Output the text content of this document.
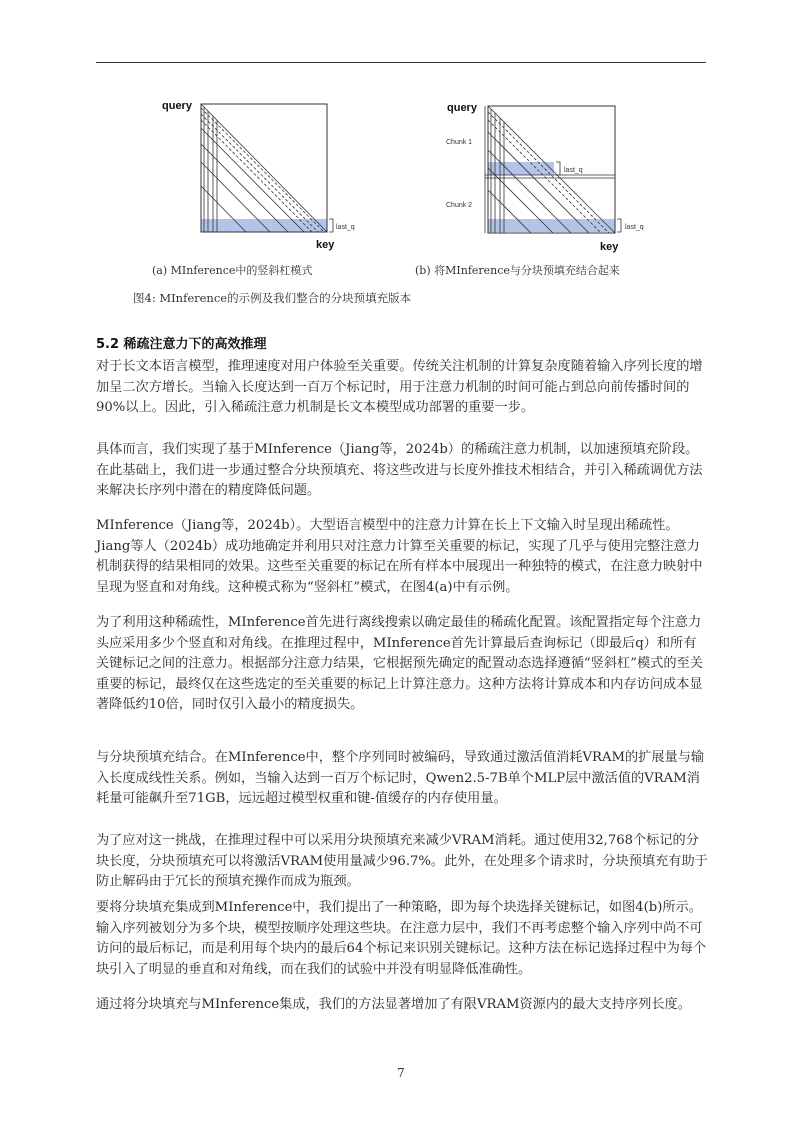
query
last_q
key
query
Chunk 1
Chunk 2
last_q
last_q
key
(a) MInference中的竖斜杠模式	(b) 将MInference与分块预填充结合起来
图4: MInference的示例及我们整合的分块预填充版本
5.2 稀疏注意力下的高效推理
对于长文本语言模型，推理速度对用户体验至关重要。传统关注机制的计算复杂度随着输入序列长度的增加呈二次方增长。当输入长度达到一百万个标记时，用于注意力机制的时间可能占到总向前传播时间的90%以上。因此，引入稀疏注意力机制是长文本模型成功部署的重要一步。
具体而言，我们实现了基于MInference（Jiang等，2024b）的稀疏注意力机制，以加速预填充阶段。在此基础上，我们进一步通过整合分块预填充、将这些改进与长度外推技术相结合，并引入稀疏调优方法来解决长序列中潜在的精度降低问题。
MInference（Jiang等，2024b）。大型语言模型中的注意力计算在长上下文输入时呈现出稀疏性。Jiang等人（2024b）成功地确定并利用只对注意力计算至关重要的标记，实现了几乎与使用完整注意力机制获得的结果相同的效果。这些至关重要的标记在所有样本中展现出一种独特的模式，在注意力映射中呈现为竖直和对角线。这种模式称为“竖斜杠”模式，在图4(a)中有示例。
为了利用这种稀疏性，MInference首先进行离线搜索以确定最佳的稀疏化配置。该配置指定每个注意力头应采用多少个竖直和对角线。在推理过程中，MInference首先计算最后查询标记（即最后q）和所有关键标记之间的注意力。根据部分注意力结果，它根据预先确定的配置动态选择遵循“竖斜杠”模式的至关重要的标记，最终仅在这些选定的至关重要的标记上计算注意力。这种方法将计算成本和内存访问成本显著降低约10倍，同时仅引入最小的精度损失。
与分块预填充结合。在MInference中，整个序列同时被编码，导致通过激活值消耗VRAM的扩展量与输入长度成线性关系。例如，当输入达到一百万个标记时，Qwen2.5-7B单个MLP层中激活值的VRAM消耗量可能飙升至71GB，远远超过模型权重和键-值缓存的内存使用量。
为了应对这一挑战，在推理过程中可以采用分块预填充来减少VRAM消耗。通过使用32,768个标记的分块长度，分块预填充可以将激活VRAM使用量减少96.7%。此外，在处理多个请求时，分块预填充有助于防止解码由于冗长的预填充操作而成为瓶颈。
要将分块填充集成到MInference中，我们提出了一种策略，即为每个块选择关键标记，如图4(b)所示。输入序列被划分为多个块，模型按顺序处理这些块。在注意力层中，我们不再考虑整个输入序列中尚不可访问的最后标记，而是利用每个块内的最后64个标记来识别关键标记。这种方法在标记选择过程中为每个块引入了明显的垂直和对角线，而在我们的试验中并没有明显降低准确性。
通过将分块填充与MInference集成，我们的方法显著增加了有限VRAM资源内的最大支持序列长度。
7
